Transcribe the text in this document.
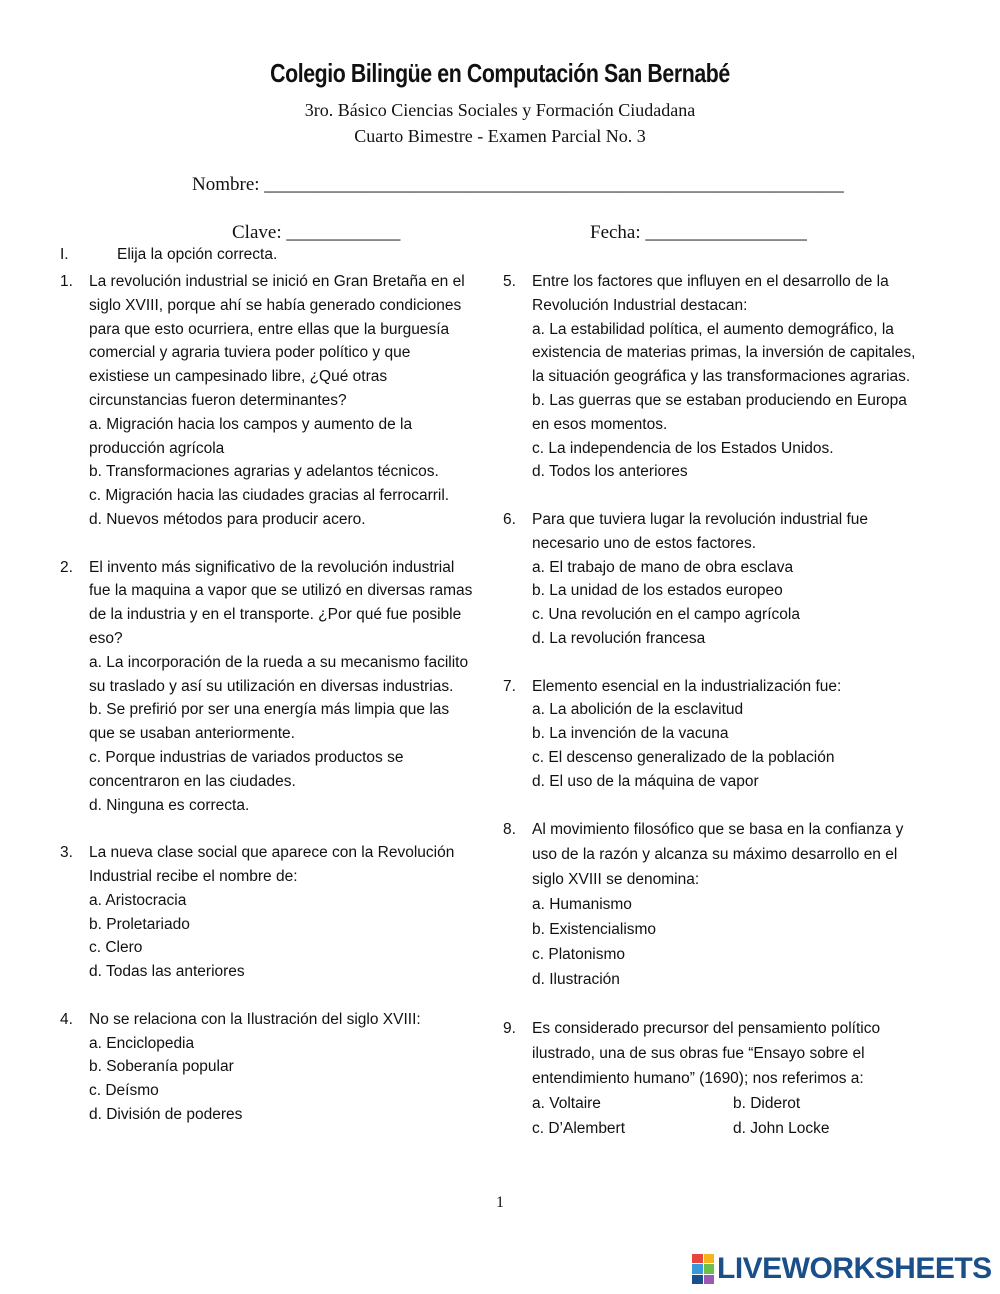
Colegio Bilingüe en Computación San Bernabé
3ro. Básico Ciencias Sociales y Formación Ciudadana
Cuarto Bimestre - Examen Parcial No. 3
Nombre: _____________________________________________________________
Clave: ____________	Fecha: _________________
I.	Elija la opción correcta.
1. La revolución industrial se inició en Gran Bretaña en el
siglo XVIII, porque ahí se había generado condiciones
para que esto ocurriera, entre ellas que la burguesía
comercial y agraria tuviera poder político y que
existiese un campesinado libre, ¿Qué otras
circunstancias fueron determinantes?
a. Migración hacia los campos y aumento de la
producción agrícola
b. Transformaciones agrarias y adelantos técnicos.
c. Migración hacia las ciudades gracias al ferrocarril.
d. Nuevos métodos para producir acero.
2. El invento más significativo de la revolución industrial
fue la maquina a vapor que se utilizó en diversas ramas
de la industria y en el transporte. ¿Por qué fue posible
eso?
a. La incorporación de la rueda a su mecanismo facilito
su traslado y así su utilización en diversas industrias.
b. Se prefirió por ser una energía más limpia que las
que se usaban anteriormente.
c. Porque industrias de variados productos se
concentraron en las ciudades.
d. Ninguna es correcta.
3. La nueva clase social que aparece con la Revolución
Industrial recibe el nombre de:
a. Aristocracia
b. Proletariado
c. Clero
d. Todas las anteriores
4. No se relaciona con la Ilustración del siglo XVIII:
a. Enciclopedia
b. Soberanía popular
c. Deísmo
d. División de poderes
5. Entre los factores que influyen en el desarrollo de la
Revolución Industrial destacan:
a. La estabilidad política, el aumento demográfico, la
existencia de materias primas, la inversión de capitales,
la situación geográfica y las transformaciones agrarias.
b. Las guerras que se estaban produciendo en Europa
en esos momentos.
c. La independencia de los Estados Unidos.
d. Todos los anteriores
6. Para que tuviera lugar la revolución industrial fue
necesario uno de estos factores.
a. El trabajo de mano de obra esclava
b. La unidad de los estados europeo
c. Una revolución en el campo agrícola
d. La revolución francesa
7. Elemento esencial en la industrialización fue:
a. La abolición de la esclavitud
b. La invención de la vacuna
c. El descenso generalizado de la población
d. El uso de la máquina de vapor
8. Al movimiento filosófico que se basa en la confianza y
uso de la razón y alcanza su máximo desarrollo en el
siglo XVIII se denomina:
a. Humanismo
b. Existencialismo
c. Platonismo
d. Ilustración
9. Es considerado precursor del pensamiento político
ilustrado, una de sus obras fue “Ensayo sobre el
entendimiento humano” (1690); nos referimos a:
a. Voltaire	b. Diderot
c. D’Alembert	d. John Locke
1
LIVEWORKSHEETS
